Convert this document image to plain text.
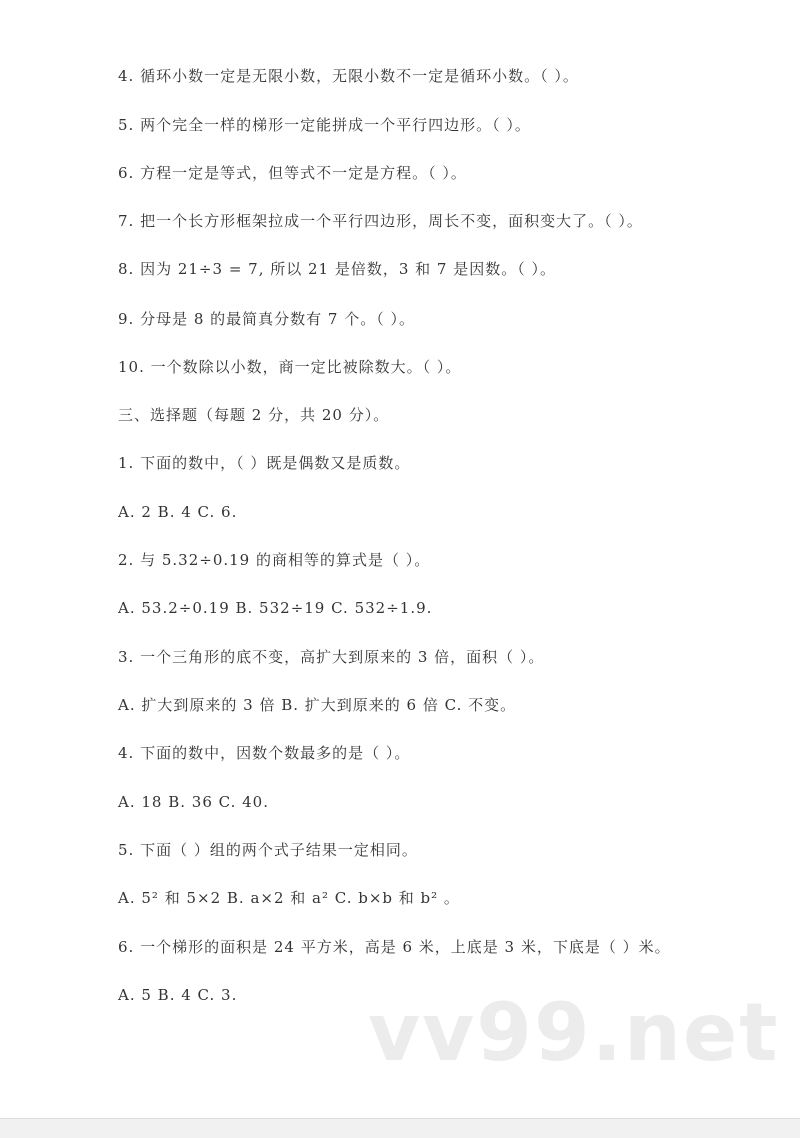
4. 循环小数一定是无限小数，无限小数不一定是循环小数。（ ）。
5. 两个完全一样的梯形一定能拼成一个平行四边形。（ ）。
6. 方程一定是等式，但等式不一定是方程。（ ）。
7. 把一个长方形框架拉成一个平行四边形，周长不变，面积变大了。（ ）。
8. 因为 21÷3 = 7, 所以 21 是倍数，3 和 7 是因数。（ ）。
9. 分母是 8 的最简真分数有 7 个。（ ）。
10. 一个数除以小数，商一定比被除数大。（ ）。
三、选择题（每题 2 分，共 20 分）。
1. 下面的数中，（ ）既是偶数又是质数。
A. 2 B. 4 C. 6.
2. 与 5.32÷0.19 的商相等的算式是（ ）。
A. 53.2÷0.19 B. 532÷19 C. 532÷1.9.
3. 一个三角形的底不变，高扩大到原来的 3 倍，面积（ ）。
A. 扩大到原来的 3 倍 B. 扩大到原来的 6 倍 C. 不变。
4. 下面的数中，因数个数最多的是（ ）。
A. 18 B. 36 C. 40.
5. 下面（ ）组的两个式子结果一定相同。
A. 5² 和 5×2 B. a×2 和 a² C. b×b 和 b² 。
6. 一个梯形的面积是 24 平方米，高是 6 米，上底是 3 米，下底是（ ）米。
A. 5 B. 4 C. 3. vv99.net
